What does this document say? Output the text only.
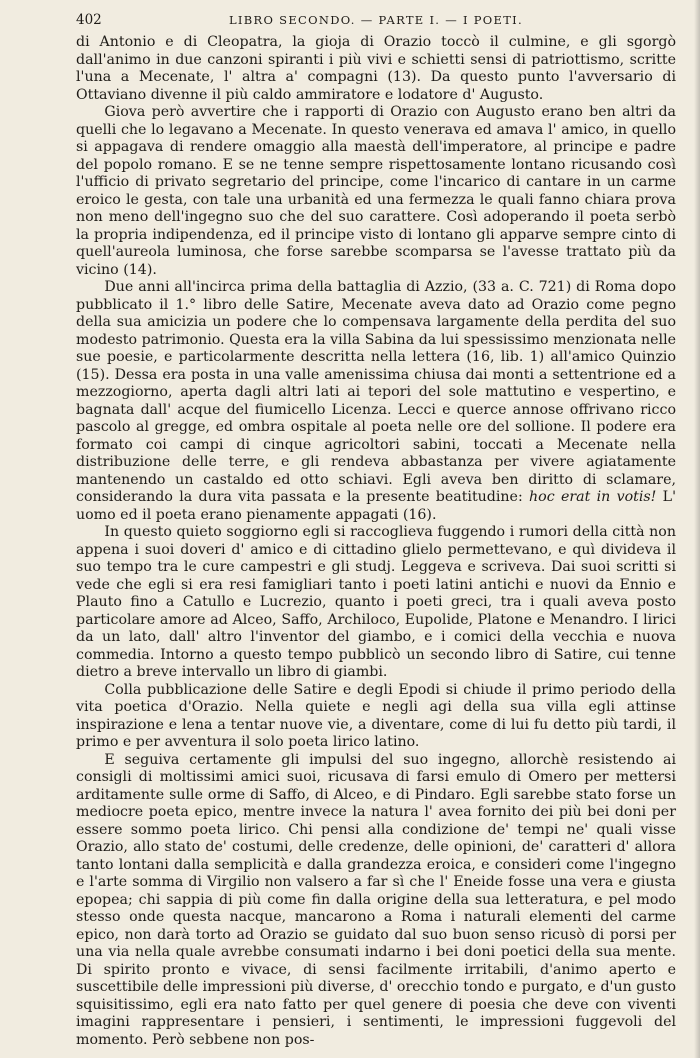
402	LIBRO SECONDO. — PARTE I. — I POETI.

di Antonio e di Cleopatra, la gioja di Orazio toccò il culmine, e gli sgorgò dall'animo in due canzoni spiranti i più vivi e schietti sensi di patriottismo, scritte l'una a Mecenate, l' altra a' compagni (13). Da questo punto l'avversario di Ottaviano divenne il più caldo ammiratore e lodatore d' Augusto.

Giova però avvertire che i rapporti di Orazio con Augusto erano ben altri da quelli che lo legavano a Mecenate. In questo venerava ed amava l' amico, in quello si appagava di rendere omaggio alla maestà dell'imperatore, al principe e padre del popolo romano. E se ne tenne sempre rispettosamente lontano ricusando così l'ufficio di privato segretario del principe, come l'incarico di cantare in un carme eroico le gesta, con tale una urbanità ed una fermezza le quali fanno chiara prova non meno dell'ingegno suo che del suo carattere. Così adoperando il poeta serbò la propria indipendenza, ed il principe visto di lontano gli apparve sempre cinto di quell'aureola luminosa, che forse sarebbe scomparsa se l'avesse trattato più da vicino (14).

Due anni all'incirca prima della battaglia di Azzio, (33 a. C. 721) di Roma dopo pubblicato il 1.° libro delle Satire, Mecenate aveva dato ad Orazio come pegno della sua amicizia un podere che lo compensava largamente della perdita del suo modesto patrimonio. Questa era la villa Sabina da lui spessissimo menzionata nelle sue poesie, e particolarmente descritta nella lettera (16, lib. 1) all'amico Quinzio (15). Dessa era posta in una valle amenissima chiusa dai monti a settentrione ed a mezzogiorno, aperta dagli altri lati ai tepori del sole mattutino e vespertino, e bagnata dall' acque del fiumicello Licenza. Lecci e querce annose offrivano ricco pascolo al gregge, ed ombra ospitale al poeta nelle ore del sollione. Il podere era formato coi campi di cinque agricoltori sabini, toccati a Mecenate nella distribuzione delle terre, e gli rendeva abbastanza per vivere agiatamente mantenendo un castaldo ed otto schiavi. Egli aveva ben diritto di sclamare, considerando la dura vita passata e la presente beatitudine: hoc erat in votis! L' uomo ed il poeta erano pienamente appagati (16).

In questo quieto soggiorno egli si raccoglieva fuggendo i rumori della città non appena i suoi doveri d' amico e di cittadino glielo permettevano, e quì divideva il suo tempo tra le cure campestri e gli studj. Leggeva e scriveva. Dai suoi scritti si vede che egli si era resi famigliari tanto i poeti latini antichi e nuovi da Ennio e Plauto fino a Catullo e Lucrezio, quanto i poeti greci, tra i quali aveva posto particolare amore ad Alceo, Saffo, Archiloco, Eupolide, Platone e Menandro. I lirici da un lato, dall' altro l'inventor del giambo, e i comici della vecchia e nuova commedia. Intorno a questo tempo pubblicò un secondo libro di Satire, cui tenne dietro a breve intervallo un libro di giambi.

Colla pubblicazione delle Satire e degli Epodi si chiude il primo periodo della vita poetica d'Orazio. Nella quiete e negli agi della sua villa egli attinse inspirazione e lena a tentar nuove vie, a diventare, come di lui fu detto più tardi, il primo e per avventura il solo poeta lirico latino.

E seguiva certamente gli impulsi del suo ingegno, allorchè resistendo ai consigli di moltissimi amici suoi, ricusava di farsi emulo di Omero per mettersi arditamente sulle orme di Saffo, di Alceo, e di Pindaro. Egli sarebbe stato forse un mediocre poeta epico, mentre invece la natura l' avea fornito dei più bei doni per essere sommo poeta lirico. Chi pensi alla condizione de' tempi ne' quali visse Orazio, allo stato de' costumi, delle credenze, delle opinioni, de' caratteri d' allora tanto lontani dalla semplicità e dalla grandezza eroica, e consideri come l'ingegno e l'arte somma di Virgilio non valsero a far sì che l' Eneide fosse una vera e giusta epopea; chi sappia di più come fin dalla origine della sua letteratura, e pel modo stesso onde questa nacque, mancarono a Roma i naturali elementi del carme epico, non darà torto ad Orazio se guidato dal suo buon senso ricusò di porsi per una via nella quale avrebbe consumati indarno i bei doni poetici della sua mente. Di spirito pronto e vivace, di sensi facilmente irritabili, d'animo aperto e suscettibile delle impressioni più diverse, d' orecchio tondo e purgato, e d'un gusto squisitissimo, egli era nato fatto per quel genere di poesia che deve con viventi imagini rappresentare i pensieri, i sentimenti, le impressioni fuggevoli del momento. Però sebbene non pos-
